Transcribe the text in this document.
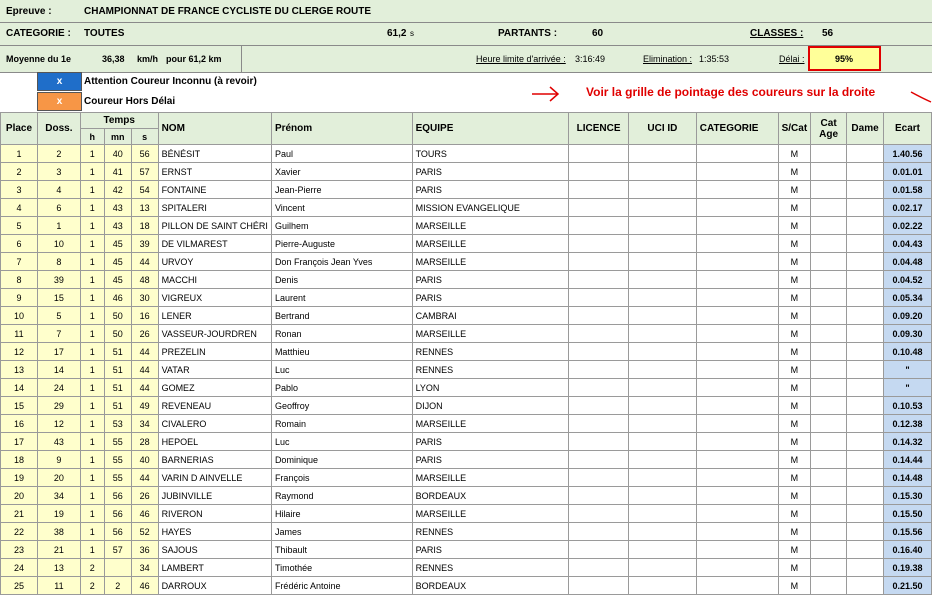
Epreuve :	CHAMPIONNAT DE FRANCE CYCLISTE DU CLERGE ROUTE
CATEGORIE : TOUTES	61,2 s	PARTANTS :	60	CLASSES : 56
Moyenne du 1e	36,38 km/h pour 61,2 km	Heure limite d'arrivée : 3:16:49	Elimination : 1:35:53	Délai :	95%
x	Attention Coureur Inconnu (à revoir)
x	Coureur Hors Délai
Voir la grille de pointage des coureurs sur la droite
Place	Doss.	Temps			NOM	Prénom	EQUIPE	LICENCE	UCI ID	CATEGORIE	S/Cat	Cat Age	Dame	Ecart
		h	mn	s										
1	2	1	40	56	BÉNÉSIT	Paul	TOURS				M			1.40.56
2	3	1	41	57	ERNST	Xavier	PARIS				M			0.01.01
3	4	1	42	54	FONTAINE	Jean-Pierre	PARIS				M			0.01.58
4	6	1	43	13	SPITALERI	Vincent	MISSION EVANGELIQUE				M			0.02.17
5	1	1	43	18	PILLON DE SAINT CHÉRI	Guilhem	MARSEILLE				M			0.02.22
6	10	1	45	39	DE VILMAREST	Pierre-Auguste	MARSEILLE				M			0.04.43
7	8	1	45	44	URVOY	Don François Jean Yves	MARSEILLE				M			0.04.48
8	39	1	45	48	MACCHI	Denis	PARIS				M			0.04.52
9	15	1	46	30	VIGREUX	Laurent	PARIS				M			0.05.34
10	5	1	50	16	LENER	Bertrand	CAMBRAI				M			0.09.20
11	7	1	50	26	VASSEUR-JOURDREN	Ronan	MARSEILLE				M			0.09.30
12	17	1	51	44	PREZELIN	Matthieu	RENNES				M			0.10.48
13	14	1	51	44	VATAR	Luc	RENNES				M			"
14	24	1	51	44	GOMEZ	Pablo	LYON				M			"
15	29	1	51	49	REVENEAU	Geoffroy	DIJON				M			0.10.53
16	12	1	53	34	CIVALERO	Romain	MARSEILLE				M			0.12.38
17	43	1	55	28	HEPOEL	Luc	PARIS				M			0.14.32
18	9	1	55	40	BARNERIAS	Dominique	PARIS				M			0.14.44
19	20	1	55	44	VARIN D AINVELLE	François	MARSEILLE				M			0.14.48
20	34	1	56	26	JUBINVILLE	Raymond	BORDEAUX				M			0.15.30
21	19	1	56	46	RIVERON	Hilaire	MARSEILLE				M			0.15.50
22	38	1	56	52	HAYES	James	RENNES				M			0.15.56
23	21	1	57	36	SAJOUS	Thibault	PARIS				M			0.16.40
24	13	2		34	LAMBERT	Timothée	RENNES				M			0.19.38
25	11	2	2	46	DARROUX	Frédéric Antoine	BORDEAUX				M			0.21.50
